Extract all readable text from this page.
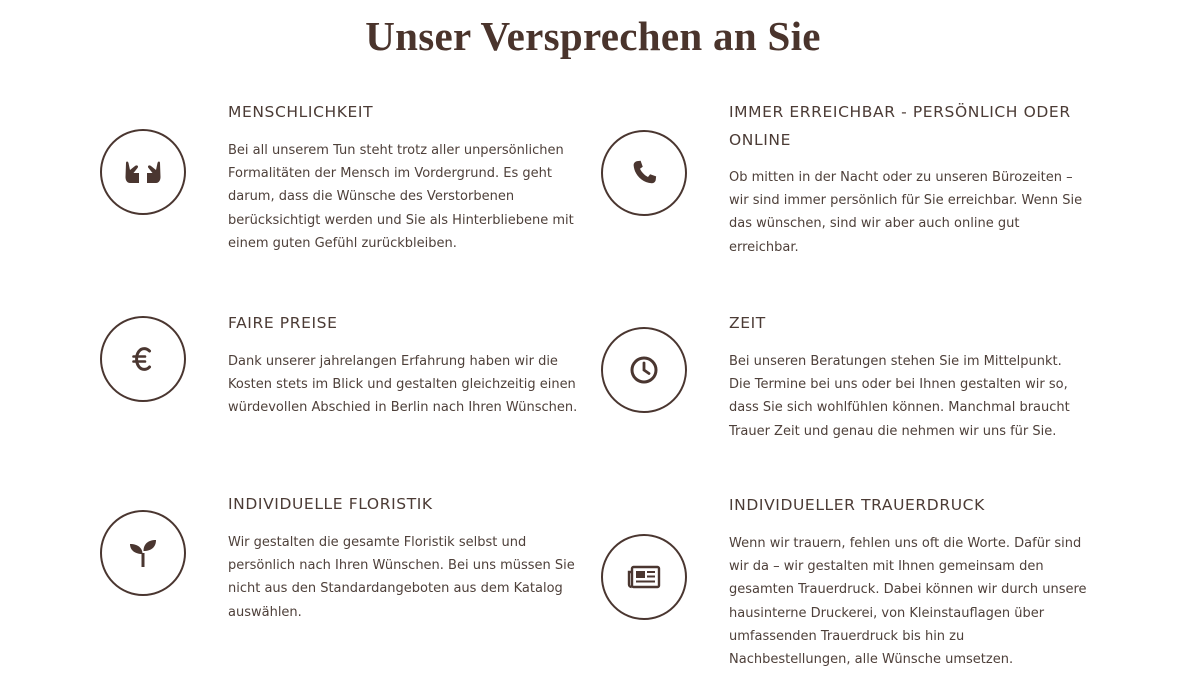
Unser Versprechen an Sie
MENSCHLICHKEIT

Bei all unserem Tun steht trotz aller unpersönlichen Formalitäten der Mensch im Vordergrund. Es geht darum, dass die Wünsche des Verstorbenen berücksichtigt werden und Sie als Hinterbliebene mit einem guten Gefühl zurückbleiben.

IMMER ERREICHBAR - PERSÖNLICH ODER ONLINE

Ob mitten in der Nacht oder zu unseren Bürozeiten – wir sind immer persönlich für Sie erreichbar. Wenn Sie das wünschen, sind wir aber auch online gut erreichbar.

FAIRE PREISE

Dank unserer jahrelangen Erfahrung haben wir die Kosten stets im Blick und gestalten gleichzeitig einen würdevollen Abschied in Berlin nach Ihren Wünschen.

ZEIT

Bei unseren Beratungen stehen Sie im Mittelpunkt. Die Termine bei uns oder bei Ihnen gestalten wir so, dass Sie sich wohlfühlen können. Manchmal braucht Trauer Zeit und genau die nehmen wir uns für Sie.

INDIVIDUELLE FLORISTIK

Wir gestalten die gesamte Floristik selbst und persönlich nach Ihren Wünschen. Bei uns müssen Sie nicht aus den Standardangeboten aus dem Katalog auswählen.

INDIVIDUELLER TRAUERDRUCK

Wenn wir trauern, fehlen uns oft die Worte. Dafür sind wir da – wir gestalten mit Ihnen gemeinsam den gesamten Trauerdruck. Dabei können wir durch unsere hausinterne Druckerei, von Kleinstauflagen über umfassenden Trauerdruck bis hin zu Nachbestellungen, alle Wünsche umsetzen.
